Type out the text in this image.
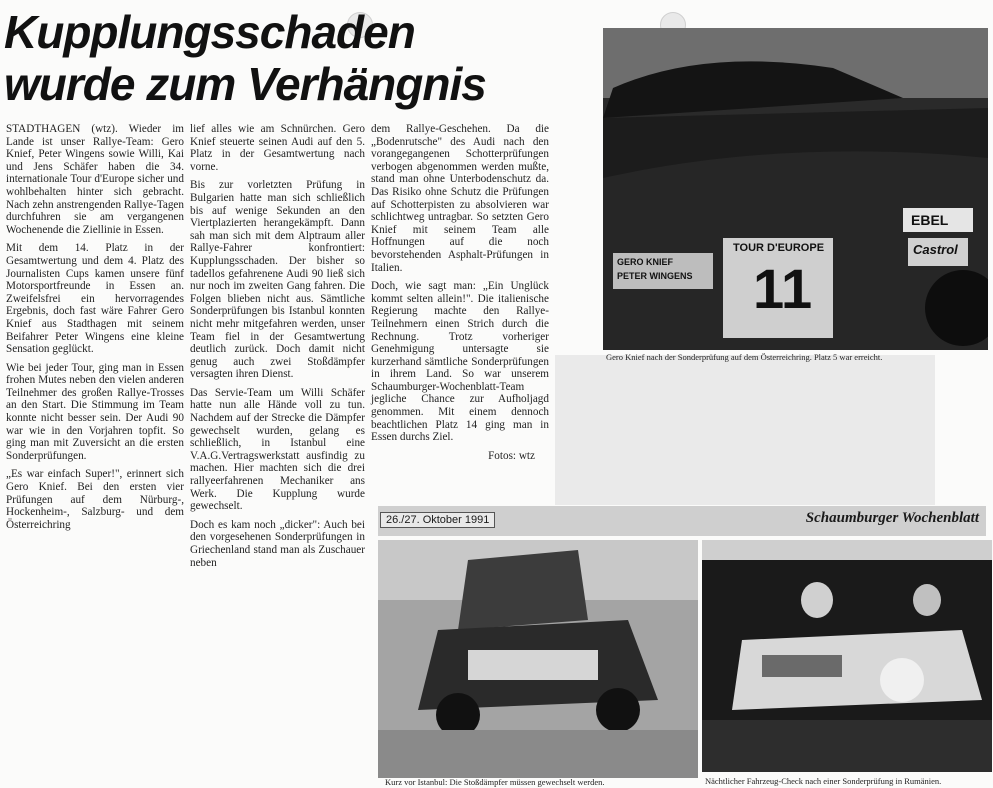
Kupplungsschaden
wurde zum Verhängnis

STADTHAGEN (wtz). Wieder im Lande ist unser Rallye-Team: Gero Knief, Peter Wingens sowie Willi, Kai und Jens Schäfer haben die 34. internationale Tour d'Europe sicher und wohlbehalten hinter sich gebracht. Nach zehn anstrengenden Rallye-Tagen durchfuhren sie am vergangenen Wochenende die Ziellinie in Essen.

Mit dem 14. Platz in der Gesamtwertung und dem 4. Platz des Journalisten Cups kamen unsere fünf Motorsportfreunde in Essen an. Zweifelsfrei ein hervorragendes Ergebnis, doch fast wäre Fahrer Gero Knief aus Stadthagen mit seinem Beifahrer Peter Wingens eine kleine Sensation geglückt.

Wie bei jeder Tour, ging man in Essen frohen Mutes neben den vielen anderen Teilnehmer des großen Rallye-Trosses an den Start. Die Stimmung im Team konnte nicht besser sein. Der Audi 90 war wie in den Vorjahren topfit. So ging man mit Zuversicht an die ersten Sonderprüfungen.

„Es war einfach Super!", erinnert sich Gero Knief. Bei den ersten vier Prüfungen auf dem Nürburg-, Hockenheim-, Salzburg- und dem Österreichring

lief alles wie am Schnürchen. Gero Knief steuerte seinen Audi auf den 5. Platz in der Gesamtwertung nach vorne.

Bis zur vorletzten Prüfung in Bulgarien hatte man sich schließlich bis auf wenige Sekunden an den Viertplazierten herangekämpft. Dann sah man sich mit dem Alptraum aller Rallye-Fahrer konfrontiert: Kupplungsschaden. Der bisher so tadellos gefahrenene Audi 90 ließ sich nur noch im zweiten Gang fahren. Die Folgen blieben nicht aus. Sämtliche Sonderprüfungen bis Istanbul konnten nicht mehr mitgefahren werden, unser Team fiel in der Gesamtwertung deutlich zurück. Doch damit nicht genug auch zwei Stoßdämpfer versagten ihren Dienst.

Das Servie-Team um Willi Schäfer hatte nun alle Hände voll zu tun. Nachdem auf der Strecke die Dämpfer gewechselt wurden, gelang es schließlich, in Istanbul eine V.A.G.Vertragswerkstatt ausfindig zu machen. Hier machten sich die drei rallyeerfahrenen Mechaniker ans Werk. Die Kupplung wurde gewechselt.

Doch es kam noch „dicker": Auch bei den vorgesehenen Sonderprüfungen in Griechenland stand man als Zuschauer neben

dem Rallye-Geschehen. Da die „Bodenrutsche" des Audi nach den vorangegangenen Schotterprüfungen verbogen abgenommen werden mußte, stand man ohne Unterbodenschutz da. Das Risiko ohne Schutz die Prüfungen auf Schotterpisten zu absolvieren war schlichtweg untragbar. So setzten Gero Knief mit seinem Team alle Hoffnungen auf die noch bevorstehenden Asphalt-Prüfungen in Italien.

Doch, wie sagt man: „Ein Unglück kommt selten allein!". Die italienische Regierung machte den Rallye-Teilnehmern einen Strich durch die Rechnung. Trotz vorheriger Genehmigung untersagte sie kurzerhand sämtliche Sonderprüfungen in ihrem Land. So war unserem Schaumburger-Wochenblatt-Team jegliche Chance zur Aufholjagd genommen. Mit einem dennoch beachtlichen Platz 14 ging man in Essen durchs Ziel.

Fotos: wtz

TOUR D'EUROPE
EBEL
Castrol
GERO KNIEF
PETER WINGENS 11
Gero Knief nach der Sonderprüfung auf dem Österreichring. Platz 5 war erreicht.
26./27. Oktober 1991	Schaumburger Wochenblatt
Kurz vor Istanbul: Die Stoßdämpfer müssen gewechselt werden.	Nächtlicher Fahrzeug-Check nach einer Sonderprüfung in Rumänien.
